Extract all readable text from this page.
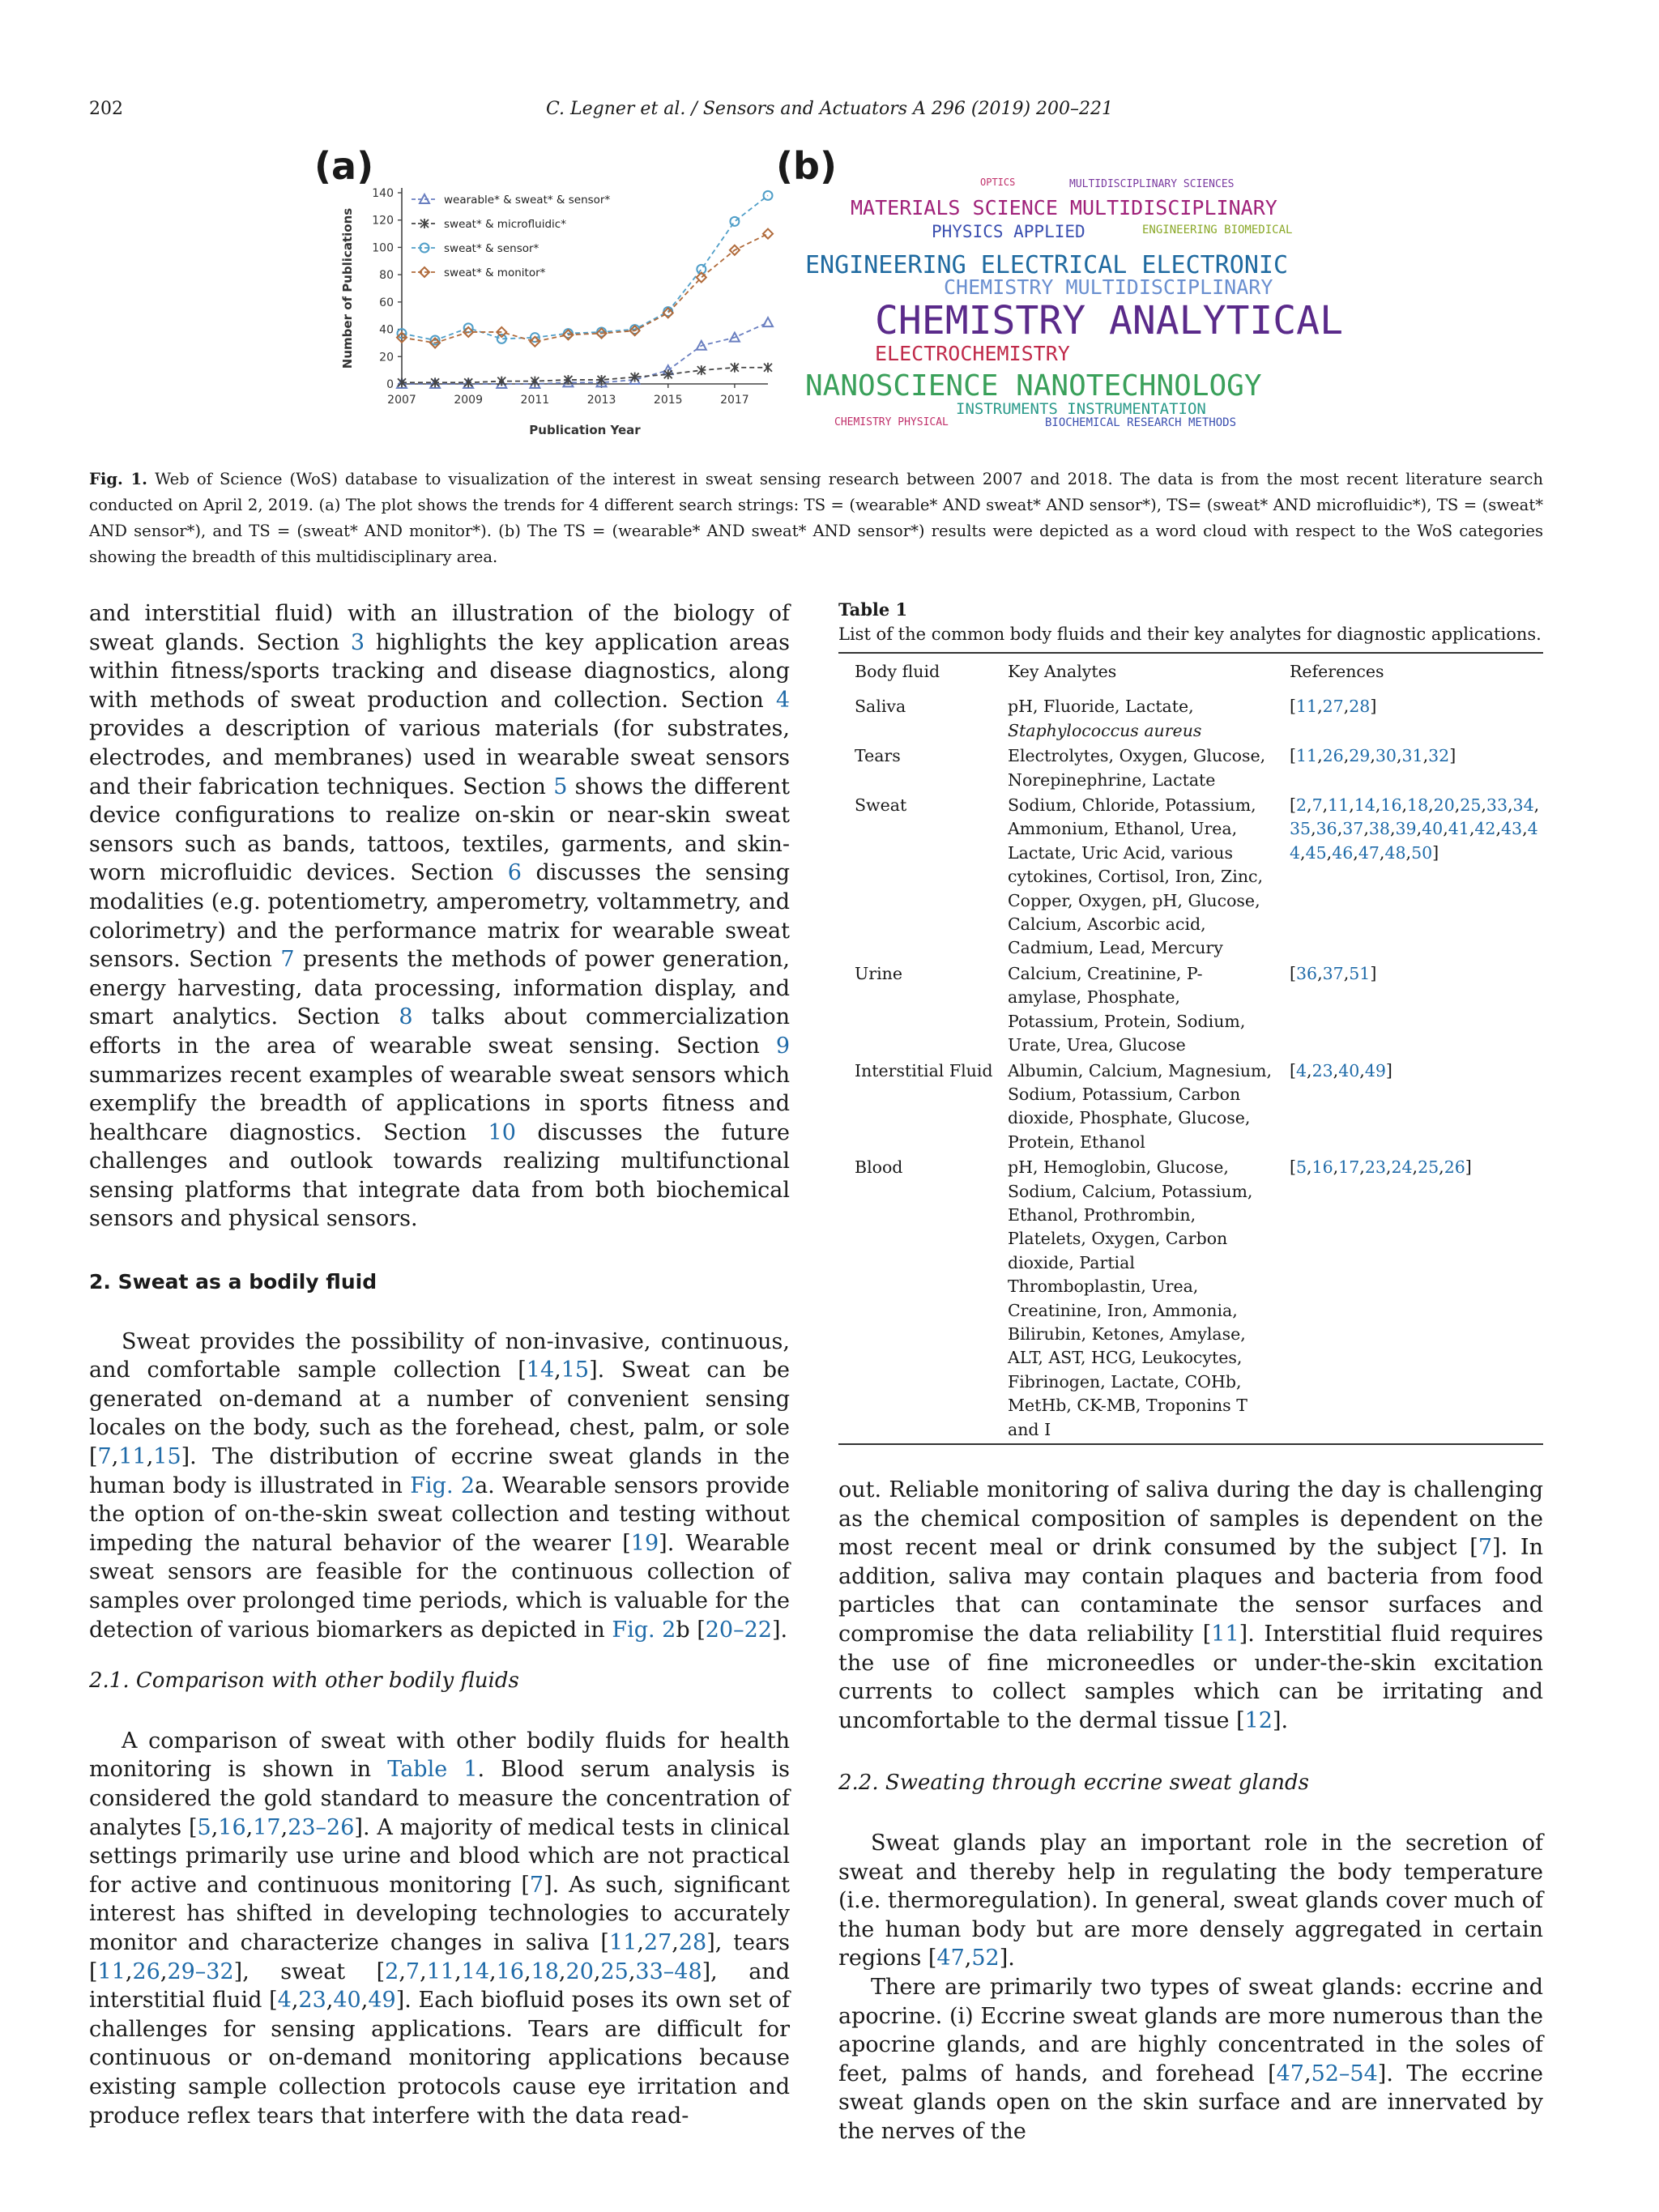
202	C. Legner et al. / Sensors and Actuators A 296 (2019) 200–221
(a)	(b)
0
20
40
60
80
100
120
140
2007	2009	2011	2013	2015	2017
Publication Year
Number of Publications
wearable* & sweat* & sensor*
sweat* & microfluidic*
sweat* & sensor*
sweat* & monitor*
OPTICS	MULTIDISCIPLINARY SCIENCES
MATERIALS SCIENCE MULTIDISCIPLINARY
PHYSICS APPLIED	ENGINEERING BIOMEDICAL
ENGINEERING ELECTRICAL ELECTRONIC
CHEMISTRY MULTIDISCIPLINARY
CHEMISTRY ANALYTICAL
ELECTROCHEMISTRY
NANOSCIENCE NANOTECHNOLOGY
INSTRUMENTS INSTRUMENTATION
CHEMISTRY PHYSICAL	BIOCHEMICAL RESEARCH METHODS
Fig. 1. Web of Science (WoS) database to visualization of the interest in sweat sensing research between 2007 and 2018. The data is from the most recent literature search conducted on April 2, 2019. (a) The plot shows the trends for 4 different search strings: TS = (wearable* AND sweat* AND sensor*), TS= (sweat* AND microfluidic*), TS = (sweat* AND sensor*), and TS = (sweat* AND monitor*). (b) The TS = (wearable* AND sweat* AND sensor*) results were depicted as a word cloud with respect to the WoS categories showing the breadth of this multidisciplinary area.

and interstitial fluid) with an illustration of the biology of sweat glands. Section 3 highlights the key application areas within fitness/sports tracking and disease diagnostics, along with methods of sweat production and collection. Section 4 provides a description of various materials (for substrates, electrodes, and membranes) used in wearable sweat sensors and their fabrication techniques. Section 5 shows the different device configurations to realize on-skin or near-skin sweat sensors such as bands, tattoos, textiles, garments, and skin-worn microfluidic devices. Section 6 discusses the sensing modalities (e.g. potentiometry, amperometry, voltammetry, and colorimetry) and the performance matrix for wearable sweat sensors. Section 7 presents the methods of power generation, energy harvesting, data processing, information display, and smart analytics. Section 8 talks about commercialization efforts in the area of wearable sweat sensing. Section 9 summarizes recent examples of wearable sweat sensors which exemplify the breadth of applications in sports fitness and healthcare diagnostics. Section 10 discusses the future challenges and outlook towards realizing multifunctional sensing platforms that integrate data from both biochemical sensors and physical sensors.

2. Sweat as a bodily fluid

Sweat provides the possibility of non-invasive, continuous, and comfortable sample collection [14,15]. Sweat can be generated on-demand at a number of convenient sensing locales on the body, such as the forehead, chest, palm, or sole [7,11,15]. The distribution of eccrine sweat glands in the human body is illustrated in Fig. 2a. Wearable sensors provide the option of on-the-skin sweat collection and testing without impeding the natural behavior of the wearer [19]. Wearable sweat sensors are feasible for the continuous collection of samples over prolonged time periods, which is valuable for the detection of various biomarkers as depicted in Fig. 2b [20–22].

2.1. Comparison with other bodily fluids

A comparison of sweat with other bodily fluids for health monitoring is shown in Table 1. Blood serum analysis is considered the gold standard to measure the concentration of analytes [5,16,17,23–26]. A majority of medical tests in clinical settings primarily use urine and blood which are not practical for active and continuous monitoring [7]. As such, significant interest has shifted in developing technologies to accurately monitor and characterize changes in saliva [11,27,28], tears [11,26,29–32], sweat [2,7,11,14,16,18,20,25,33–48], and interstitial fluid [4,23,40,49]. Each biofluid poses its own set of challenges for sensing applications. Tears are difficult for continuous or on-demand monitoring applications because existing sample collection protocols cause eye irritation and produce reflex tears that interfere with the data read-

Table 1
List of the common body fluids and their key analytes for diagnostic applications.
Body fluid	Key Analytes	References
Saliva	pH, Fluoride, Lactate, Staphylococcus aureus	[11,27,28]
Tears	Electrolytes, Oxygen, Glucose, Norepinephrine, Lactate	[11,26,29,30,31,32]
Sweat	Sodium, Chloride, Potassium, Ammonium, Ethanol, Urea, Lactate, Uric Acid, various cytokines, Cortisol, Iron, Zinc, Copper, Oxygen, pH, Glucose, Calcium, Ascorbic acid, Cadmium, Lead, Mercury	[2,7,11,14,16,18,20,25,33,34,35,36,37,38,39,40,41,42,43,44,45,46,47,48,50]
Urine	Calcium, Creatinine, P-amylase, Phosphate, Potassium, Protein, Sodium, Urate, Urea, Glucose	[36,37,51]
Interstitial Fluid	Albumin, Calcium, Magnesium, Sodium, Potassium, Carbon dioxide, Phosphate, Glucose, Protein, Ethanol	[4,23,40,49]
Blood	pH, Hemoglobin, Glucose, Sodium, Calcium, Potassium, Ethanol, Prothrombin, Platelets, Oxygen, Carbon dioxide, Partial Thromboplastin, Urea, Creatinine, Iron, Ammonia, Bilirubin, Ketones, Amylase, ALT, AST, HCG, Leukocytes, Fibrinogen, Lactate, COHb, MetHb, CK-MB, Troponins T and I	[5,16,17,23,24,25,26]

out. Reliable monitoring of saliva during the day is challenging as the chemical composition of samples is dependent on the most recent meal or drink consumed by the subject [7]. In addition, saliva may contain plaques and bacteria from food particles that can contaminate the sensor surfaces and compromise the data reliability [11]. Interstitial fluid requires the use of fine microneedles or under-the-skin excitation currents to collect samples which can be irritating and uncomfortable to the dermal tissue [12].

2.2. Sweating through eccrine sweat glands

Sweat glands play an important role in the secretion of sweat and thereby help in regulating the body temperature (i.e. thermoregulation). In general, sweat glands cover much of the human body but are more densely aggregated in certain regions [47,52].

There are primarily two types of sweat glands: eccrine and apocrine. (i) Eccrine sweat glands are more numerous than the apocrine glands, and are highly concentrated in the soles of feet, palms of hands, and forehead [47,52–54]. The eccrine sweat glands open on the skin surface and are innervated by the nerves of the
